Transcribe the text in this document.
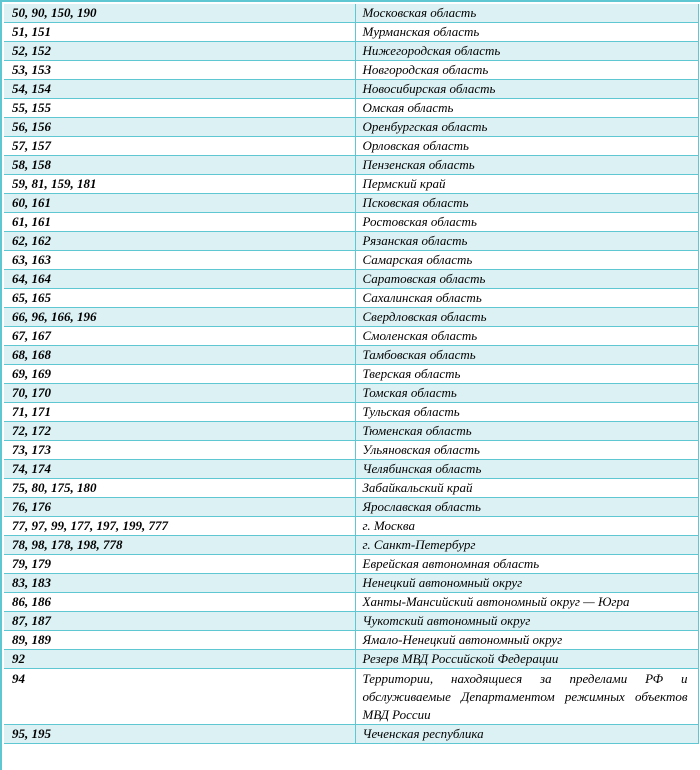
50, 90, 150, 190	Московская область
51, 151	Мурманская область
52, 152	Нижегородская область
53, 153	Новгородская область
54, 154	Новосибирская область
55, 155	Омская область
56, 156	Оренбургская область
57, 157	Орловская область
58, 158	Пензенская область
59, 81, 159, 181	Пермский край
60, 161	Псковская область
61, 161	Ростовская область
62, 162	Рязанская область
63, 163	Самарская область
64, 164	Саратовская область
65, 165	Сахалинская область
66, 96, 166, 196	Свердловская область
67, 167	Смоленская область
68, 168	Тамбовская область
69, 169	Тверская область
70, 170	Томская область
71, 171	Тульская область
72, 172	Тюменская область
73, 173	Ульяновская область
74, 174	Челябинская область
75, 80, 175, 180	Забайкальский край
76, 176	Ярославская область
77, 97, 99, 177, 197, 199, 777	г. Москва
78, 98, 178, 198, 778	г. Санкт-Петербург
79, 179	Еврейская автономная область
83, 183	Ненецкий автономный округ
86, 186	Ханты-Мансийский автономный округ — Югра
87, 187	Чукотский автономный округ
89, 189	Ямало-Ненецкий автономный округ
92	Резерв МВД Российской Федерации
94	Территории, находящиеся за пределами РФ и обслуживаемые Департаментом режимных объектов МВД России
95, 195	Чеченская республика
